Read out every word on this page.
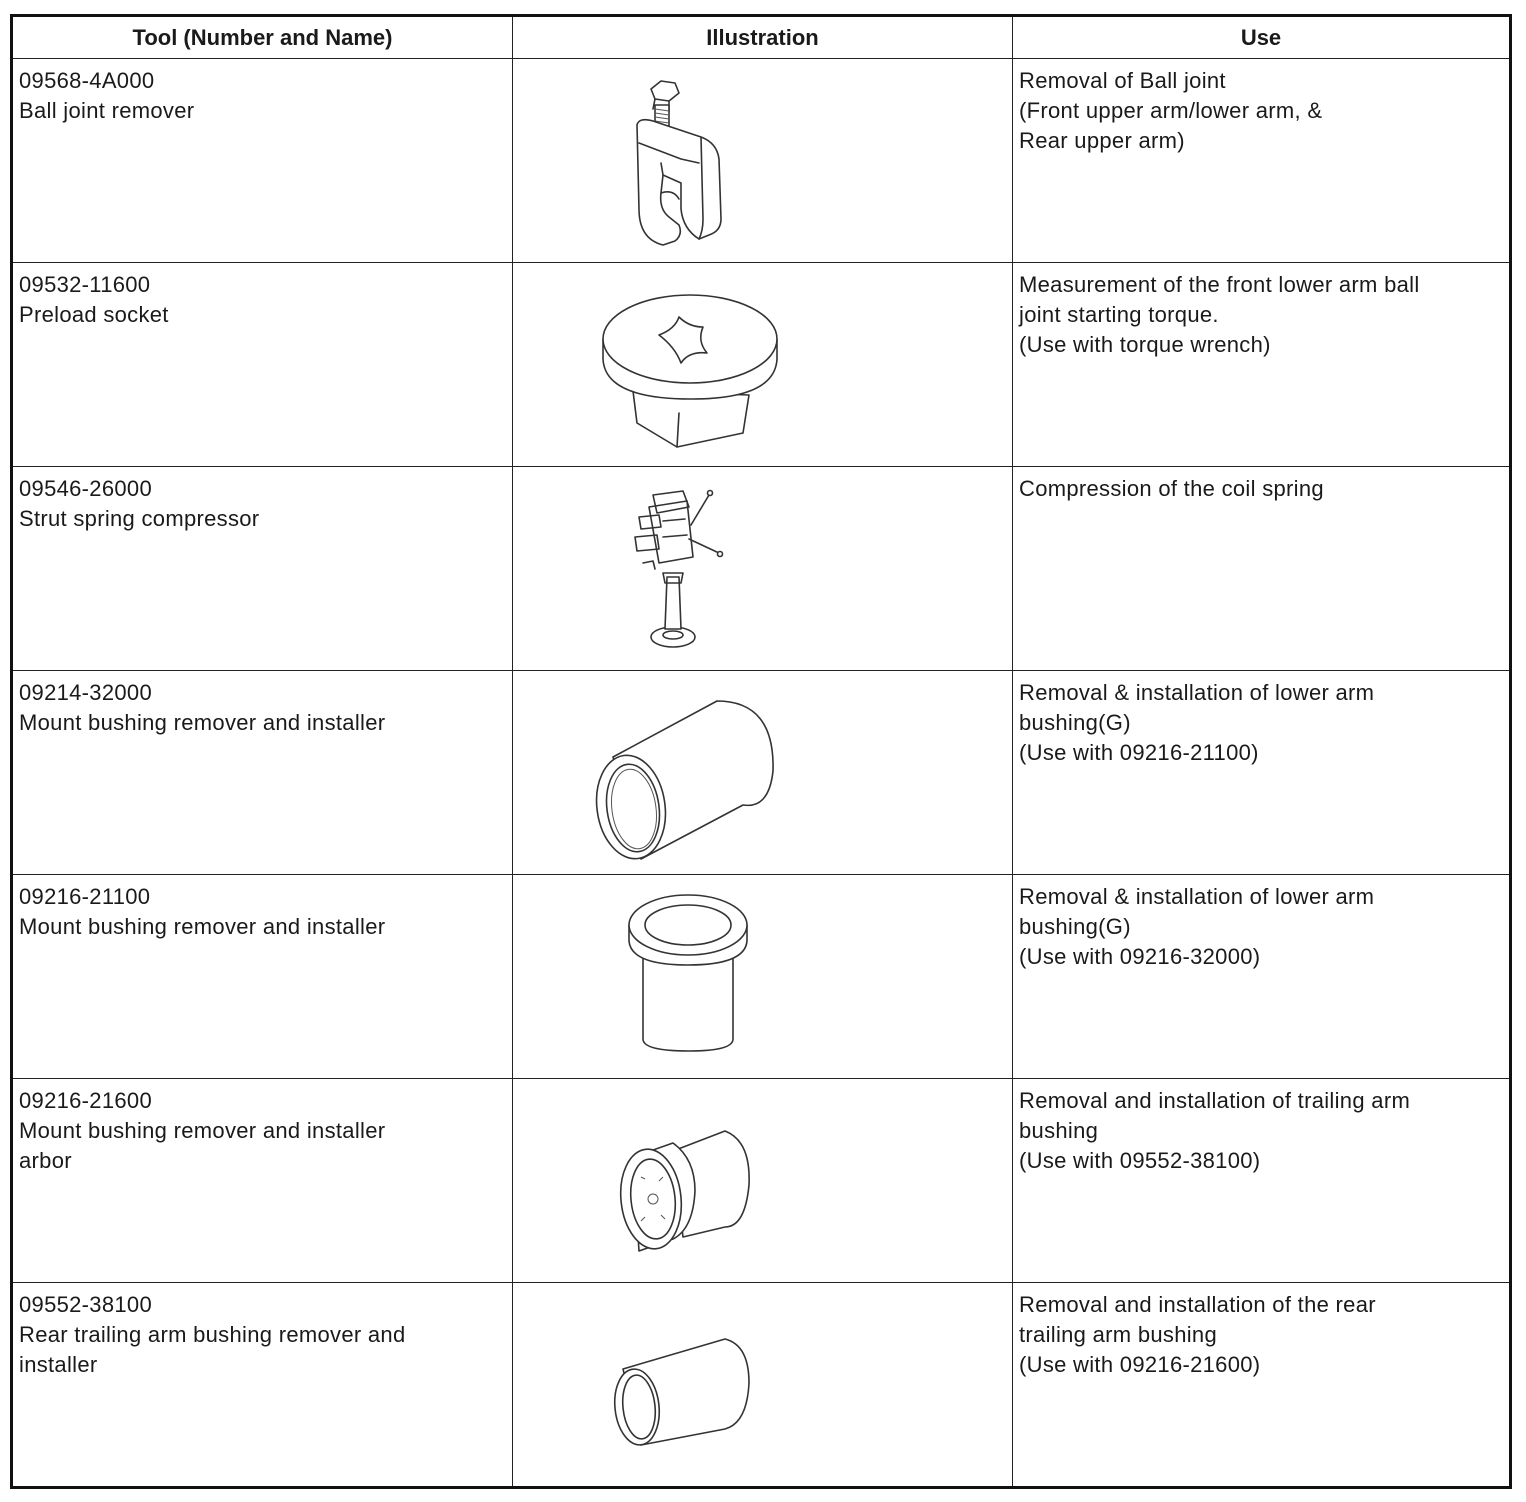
Tool (Number and Name)	Illustration	Use

09568-4A000
Ball joint remover		Removal of Ball joint
(Front upper arm/lower arm, &
Rear upper arm)

09532-11600
Preload socket		Measurement of the front lower arm ball
joint starting torque.
(Use with torque wrench)

09546-26000
Strut spring compressor		Compression of the coil spring

09214-32000
Mount bushing remover and installer		Removal & installation of lower arm
bushing(G)
(Use with 09216-21100)

09216-21100
Mount bushing remover and installer		Removal & installation of lower arm
bushing(G)
(Use with 09216-32000)

09216-21600
Mount bushing remover and installer
arbor		Removal and installation of trailing arm
bushing
(Use with 09552-38100)

09552-38100
Rear trailing arm bushing remover and
installer		Removal and installation of the rear
trailing arm bushing
(Use with 09216-21600)
